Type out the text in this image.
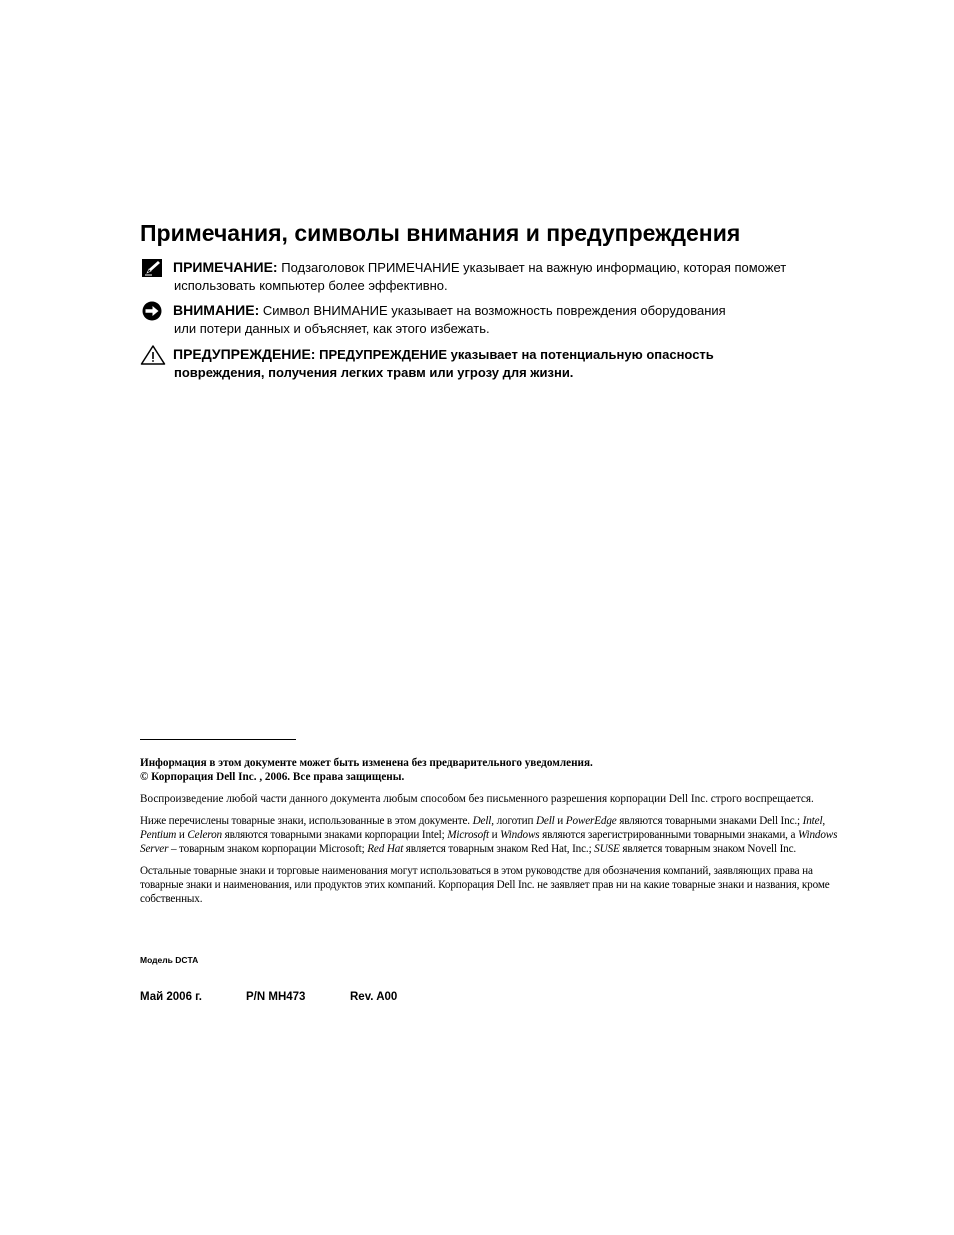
Примечания, символы внимания и предупреждения
ПРИМЕЧАНИЕ: Подзаголовок ПРИМЕЧАНИЕ указывает на важную информацию, которая поможет
использовать компьютер более эффективно.
ВНИМАНИЕ: Символ ВНИМАНИЕ указывает на возможность повреждения оборудования
или потери данных и объясняет, как этого избежать.
ПРЕДУПРЕЖДЕНИЕ: ПРЕДУПРЕЖДЕНИЕ указывает на потенциальную опасность
повреждения, получения легких травм или угрозу для жизни.

Информация в этом документе может быть изменена без предварительного уведомления.
© Корпорация Dell Inc. , 2006. Все права защищены.

Воспроизведение любой части данного документа любым способом без письменного разрешения корпорации Dell Inc. строго воспрещается.

Ниже перечислены товарные знаки, использованные в этом документе. Dell, логотип Dell и PowerEdge являются товарными знаками Dell Inc.; Intel, Pentium и Celeron являются товарными знаками корпорации Intel; Microsoft и Windows являются зарегистрированными товарными знаками, а Windows Server – товарным знаком корпорации Microsoft; Red Hat является товарным знаком Red Hat, Inc.; SUSE является товарным знаком Novell Inc.

Остальные товарные знаки и торговые наименования могут использоваться в этом руководстве для обозначения компаний, заявляющих права на товарные знаки и наименования, или продуктов этих компаний. Корпорация Dell Inc. не заявляет прав ни на какие товарные знаки и названия, кроме собственных.

Модель DCTA
Май 2006 г.	P/N MH473	Rev. A00
